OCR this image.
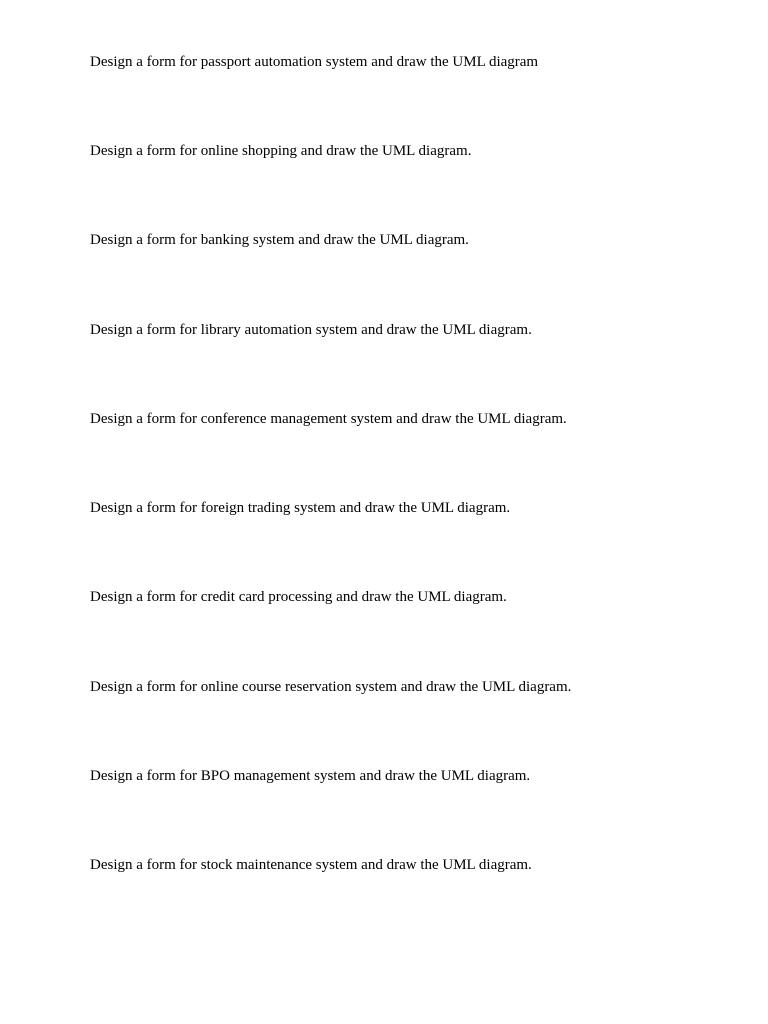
Design a form for passport automation system and draw the UML diagram
Design a form for online shopping and draw the UML diagram.
Design a form for banking system and draw the UML diagram.
Design a form for library automation system and draw the UML diagram.
Design a form for conference management system and draw the UML diagram.
Design a form for foreign trading system and draw the UML diagram.
Design a form for credit card processing and draw the UML diagram.
Design a form for online course reservation system and draw the UML diagram.
Design a form for BPO management system and draw the UML diagram.
Design a form for stock maintenance system and draw the UML diagram.
